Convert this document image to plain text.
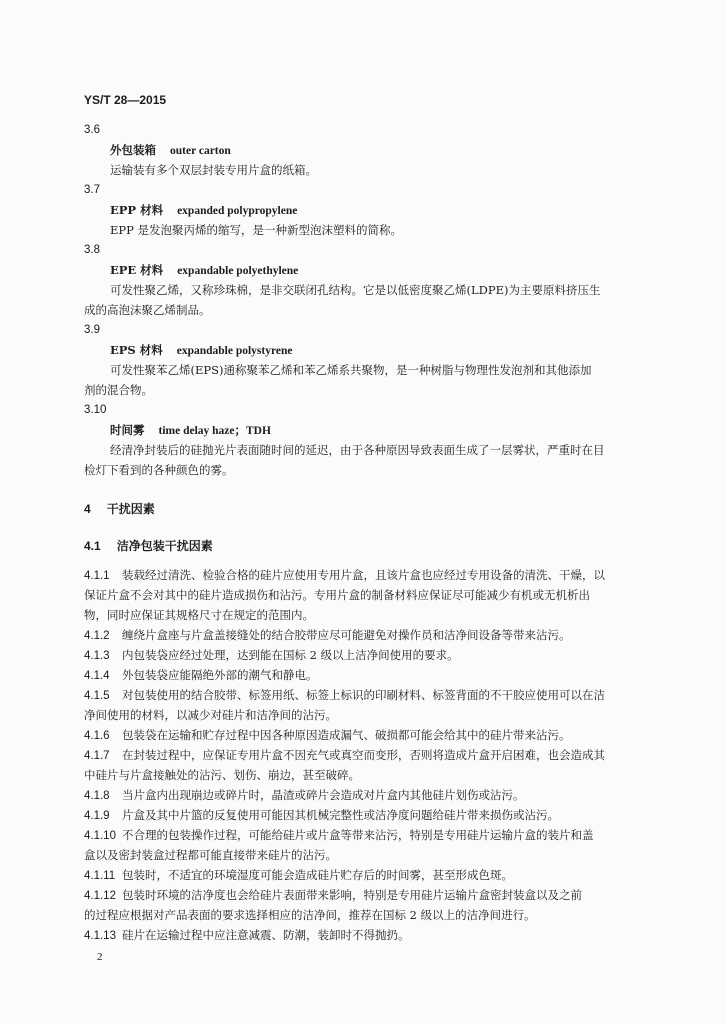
YS/T 28—2015
3.6
外包装箱 outer carton
运输装有多个双层封装专用片盒的纸箱。
3.7
EPP 材料 expanded polypropylene
EPP 是发泡聚丙烯的缩写，是一种新型泡沫塑料的简称。
3.8
EPE 材料 expandable polyethylene
可发性聚乙烯，又称珍珠棉，是非交联闭孔结构。它是以低密度聚乙烯(LDPE)为主要原料挤压生
成的高泡沫聚乙烯制品。
3.9
EPS 材料 expandable polystyrene
可发性聚苯乙烯(EPS)通称聚苯乙烯和苯乙烯系共聚物，是一种树脂与物理性发泡剂和其他添加
剂的混合物。
3.10
时间雾 time delay haze；TDH
经清净封装后的硅抛光片表面随时间的延迟，由于各种原因导致表面生成了一层雾状，严重时在目
检灯下看到的各种颜色的雾。
4 干扰因素
4.1 洁净包装干扰因素
4.1.1 装载经过清洗、检验合格的硅片应使用专用片盒，且该片盒也应经过专用设备的清洗、干燥，以
保证片盒不会对其中的硅片造成损伤和沾污。专用片盒的制备材料应保证尽可能减少有机或无机析出
物，同时应保证其规格尺寸在规定的范围内。
4.1.2 缠绕片盒座与片盒盖接缝处的结合胶带应尽可能避免对操作员和洁净间设备等带来沾污。
4.1.3 内包装袋应经过处理，达到能在国标 2 级以上洁净间使用的要求。
4.1.4 外包装袋应能隔绝外部的潮气和静电。
4.1.5 对包装使用的结合胶带、标签用纸、标签上标识的印刷材料、标签背面的不干胶应使用可以在洁
净间使用的材料，以减少对硅片和洁净间的沾污。
4.1.6 包装袋在运输和贮存过程中因各种原因造成漏气、破损都可能会给其中的硅片带来沾污。
4.1.7 在封装过程中，应保证专用片盒不因充气或真空而变形，否则将造成片盒开启困难，也会造成其
中硅片与片盒接触处的沾污、划伤、崩边，甚至破碎。
4.1.8 当片盒内出现崩边或碎片时，晶渣或碎片会造成对片盒内其他硅片划伤或沾污。
4.1.9 片盒及其中片篮的反复使用可能因其机械完整性或洁净度问题给硅片带来损伤或沾污。
4.1.10 不合理的包装操作过程，可能给硅片或片盒等带来沾污，特别是专用硅片运输片盒的装片和盖
盒以及密封装盒过程都可能直接带来硅片的沾污。
4.1.11 包装时，不适宜的环境湿度可能会造成硅片贮存后的时间雾，甚至形成色斑。
4.1.12 包装时环境的洁净度也会给硅片表面带来影响，特别是专用硅片运输片盒密封装盒以及之前
的过程应根据对产品表面的要求选择相应的洁净间，推荐在国标 2 级以上的洁净间进行。
4.1.13 硅片在运输过程中应注意减震、防潮，装卸时不得抛扔。
2
